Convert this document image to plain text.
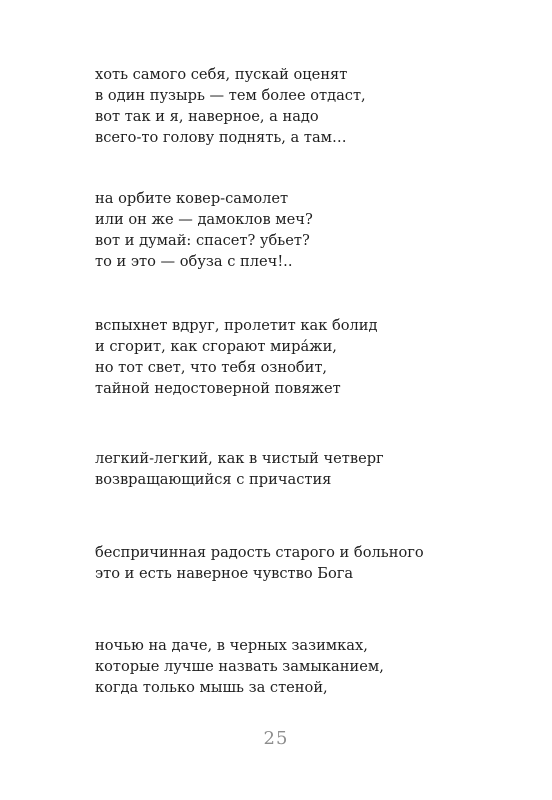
хоть самого себя, пускай оценят
в один пузырь — тем более отдаст,
вот так и я, наверное, а надо
всего-то голову поднять, а там…
на орбите ковер-самолет
или он же — дамоклов меч?
вот и думай: спасет? убьет?
то и это — обуза с плеч!..
вспыхнет вдруг, пролетит как болид
и сгорит, как сгорают мира́жи,
но тот свет, что тебя ознобит,
тайной недостоверной повяжет
легкий-легкий, как в чистый четверг
возвращающийся с причастия
беспричинная радость старого и больного
это и есть наверное чувство Бога
ночью на даче, в черных зазимках,
которые лучше назвать замыканием,
когда только мышь за стеной,
25
